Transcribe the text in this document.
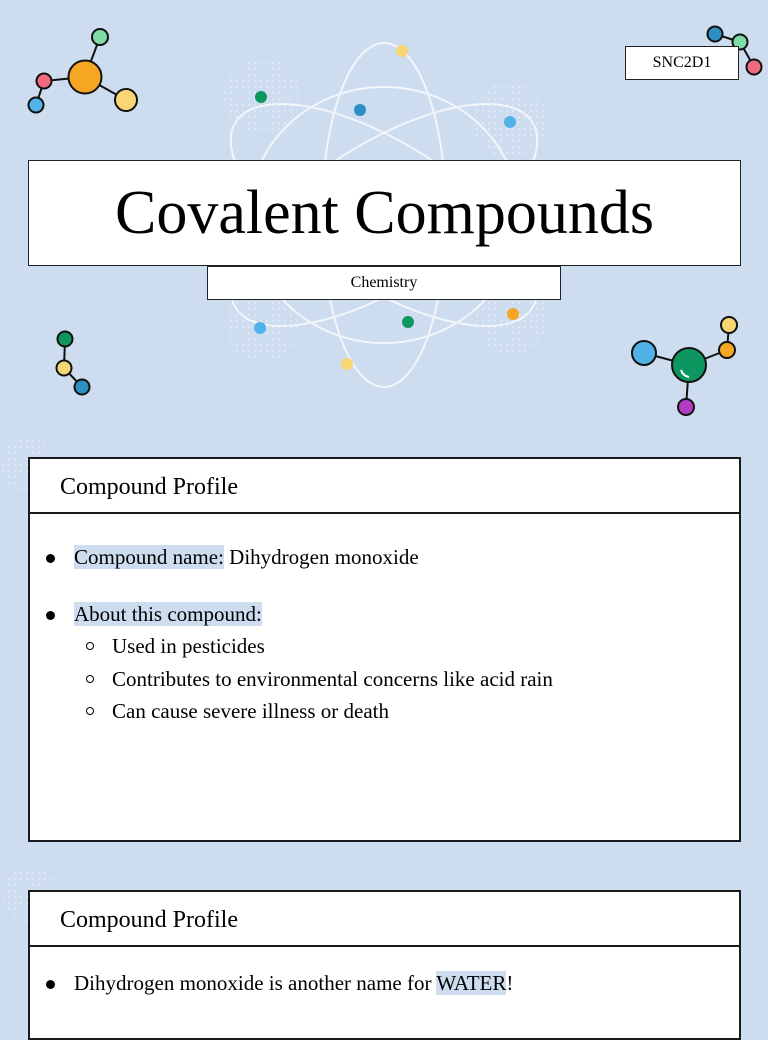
SNC2D1
Covalent Compounds
Chemistry
Compound Profile
Compound name: Dihydrogen monoxide
About this compound:
Used in pesticides
Contributes to environmental concerns like acid rain
Can cause severe illness or death
Compound Profile
Dihydrogen monoxide is another name for WATER!
